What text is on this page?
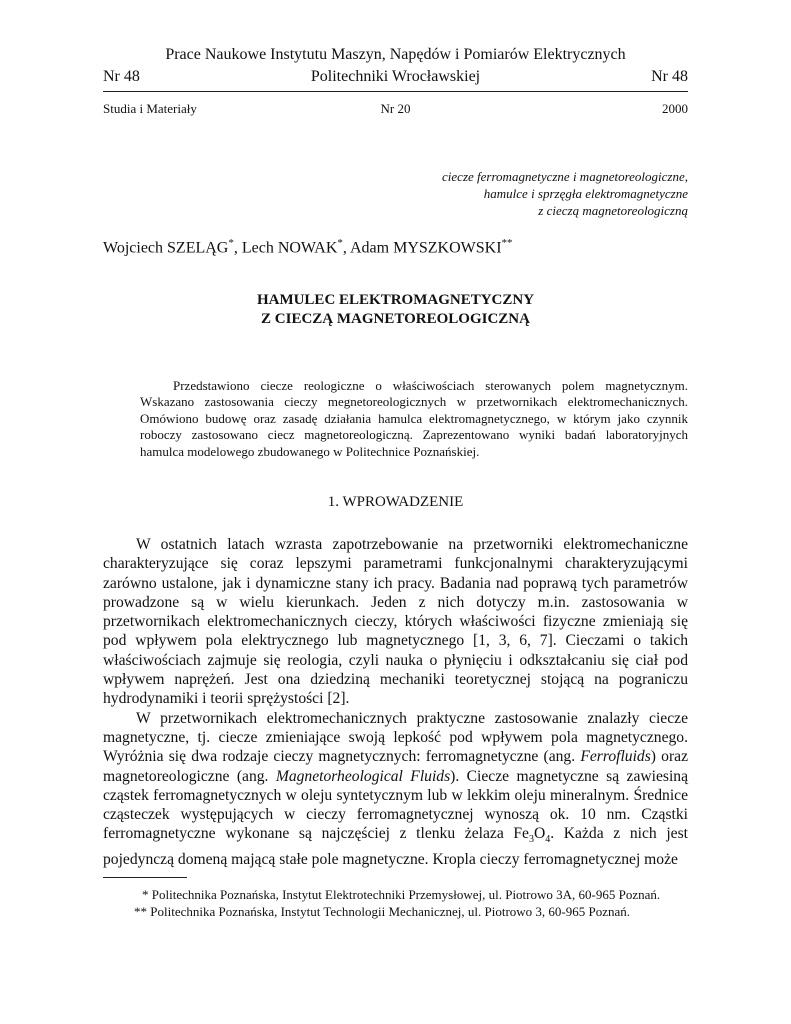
Prace Naukowe Instytutu Maszyn, Napędów i Pomiarów Elektrycznych
Politechniki Wrocławskiej
Nr 48	Nr 48
Studia i Materiały	Nr 20	2000
ciecze ferromagnetyczne i magnetoreologiczne,
hamulce i sprzęgła elektromagnetyczne
z cieczą magnetoreologiczną
Wojciech SZELĄG*, Lech NOWAK*, Adam MYSZKOWSKI**
HAMULEC ELEKTROMAGNETYCZNY
Z CIECZĄ MAGNETOREOLOGICZNĄ

Przedstawiono ciecze reologiczne o właściwościach sterowanych polem magnetycznym. Wskazano zastosowania cieczy megnetoreologicznych w przetwornikach elektromechanicznych. Omówiono budowę oraz zasadę działania hamulca elektromagnetycznego, w którym jako czynnik roboczy zastosowano ciecz magnetoreologiczną. Zaprezentowano wyniki badań laboratoryjnych hamulca modelowego zbudowanego w Politechnice Poznańskiej.

1. WPROWADZENIE

W ostatnich latach wzrasta zapotrzebowanie na przetworniki elektromechaniczne charakteryzujące się coraz lepszymi parametrami funkcjonalnymi charakteryzującymi zarówno ustalone, jak i dynamiczne stany ich pracy. Badania nad poprawą tych parametrów prowadzone są w wielu kierunkach. Jeden z nich dotyczy m.in. zastosowania w przetwornikach elektromechanicznych cieczy, których właściwości fizyczne zmieniają się pod wpływem pola elektrycznego lub magnetycznego [1, 3, 6, 7]. Cieczami o takich właściwościach zajmuje się reologia, czyli nauka o płynięciu i odkształcaniu się ciał pod wpływem naprężeń. Jest ona dziedziną mechaniki teoretycznej stojącą na pograniczu hydrodynamiki i teorii sprężystości [2].

W przetwornikach elektromechanicznych praktyczne zastosowanie znalazły ciecze magnetyczne, tj. ciecze zmieniające swoją lepkość pod wpływem pola magnetycznego. Wyróżnia się dwa rodzaje cieczy magnetycznych: ferromagnetyczne (ang. Ferrofluids) oraz magnetoreologiczne (ang. Magnetorheological Fluids). Ciecze magnetyczne są zawiesiną cząstek ferromagnetycznych w oleju syntetycznym lub w lekkim oleju mineralnym. Średnice cząsteczek występujących w cieczy ferromagnetycznej wynoszą ok. 10 nm. Cząstki ferromagnetyczne wykonane są najczęściej z tlenku żelaza $Fe_3O_4$. Każda z nich jest pojedynczą domeną mającą stałe pole magnetyczne. Kropla cieczy ferromagnetycznej może

* Politechnika Poznańska, Instytut Elektrotechniki Przemysłowej, ul. Piotrowo 3A, 60-965 Poznań.
** Politechnika Poznańska, Instytut Technologii Mechanicznej, ul. Piotrowo 3, 60-965 Poznań.
